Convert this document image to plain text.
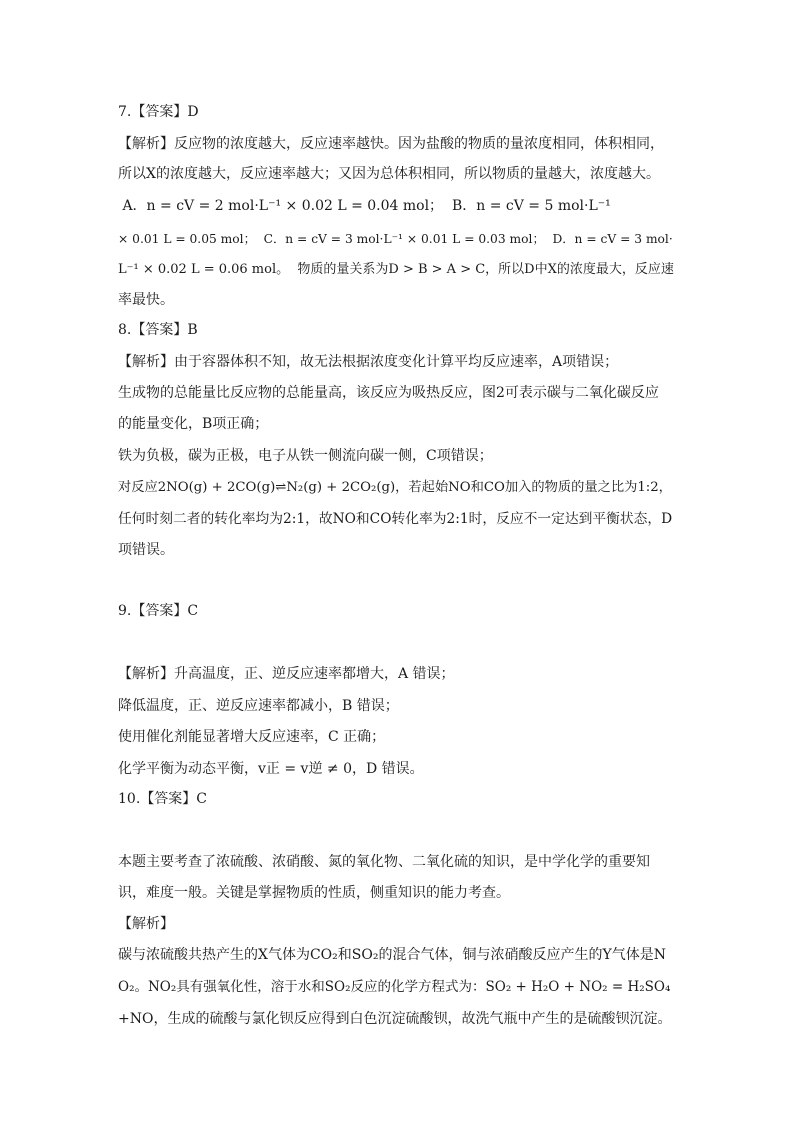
7.【答案】D
【解析】反应物的浓度越大，反应速率越快。因为盐酸的物质的量浓度相同，体积相同，
所以X的浓度越大，反应速率越大；又因为总体积相同，所以物质的量越大，浓度越大。
A．n = cV = 2 mol·L⁻¹ × 0.02 L = 0.04 mol；  B．n = cV = 5 mol·L⁻¹
× 0.01 L = 0.05 mol；  C．n = cV = 3 mol·L⁻¹ × 0.01 L = 0.03 mol；  D．n = cV = 3 mol·
L⁻¹ × 0.02 L = 0.06 mol。  物质的量关系为D > B > A > C，所以D中X的浓度最大，反应速
率最快。
8.【答案】B
【解析】由于容器体积不知，故无法根据浓度变化计算平均反应速率，A项错误；
生成物的总能量比反应物的总能量高，该反应为吸热反应，图2可表示碳与二氧化碳反应
的能量变化，B项正确；
铁为负极，碳为正极，电子从铁一侧流向碳一侧，C项错误；
对反应2NO(g) + 2CO(g)⇌N₂(g) + 2CO₂(g)，若起始NO和CO加入的物质的量之比为1:2，
任何时刻二者的转化率均为2:1，故NO和CO转化率为2:1时，反应不一定达到平衡状态，D
项错误。
9.【答案】C
【解析】升高温度，正、逆反应速率都增大，A 错误；
降低温度，正、逆反应速率都减小，B 错误；
使用催化剂能显著增大反应速率，C 正确；
化学平衡为动态平衡，v正 = v逆 ≠ 0，D 错误。
10.【答案】C
本题主要考查了浓硫酸、浓硝酸、氮的氧化物、二氧化硫的知识，是中学化学的重要知
识，难度一般。关键是掌握物质的性质，侧重知识的能力考查。
【解析】
碳与浓硫酸共热产生的X气体为CO₂和SO₂的混合气体，铜与浓硝酸反应产生的Y气体是N
O₂。NO₂具有强氧化性，溶于水和SO₂反应的化学方程式为：SO₂ + H₂O + NO₂ = H₂SO₄
+NO，生成的硫酸与氯化钡反应得到白色沉淀硫酸钡，故洗气瓶中产生的是硫酸钡沉淀。
